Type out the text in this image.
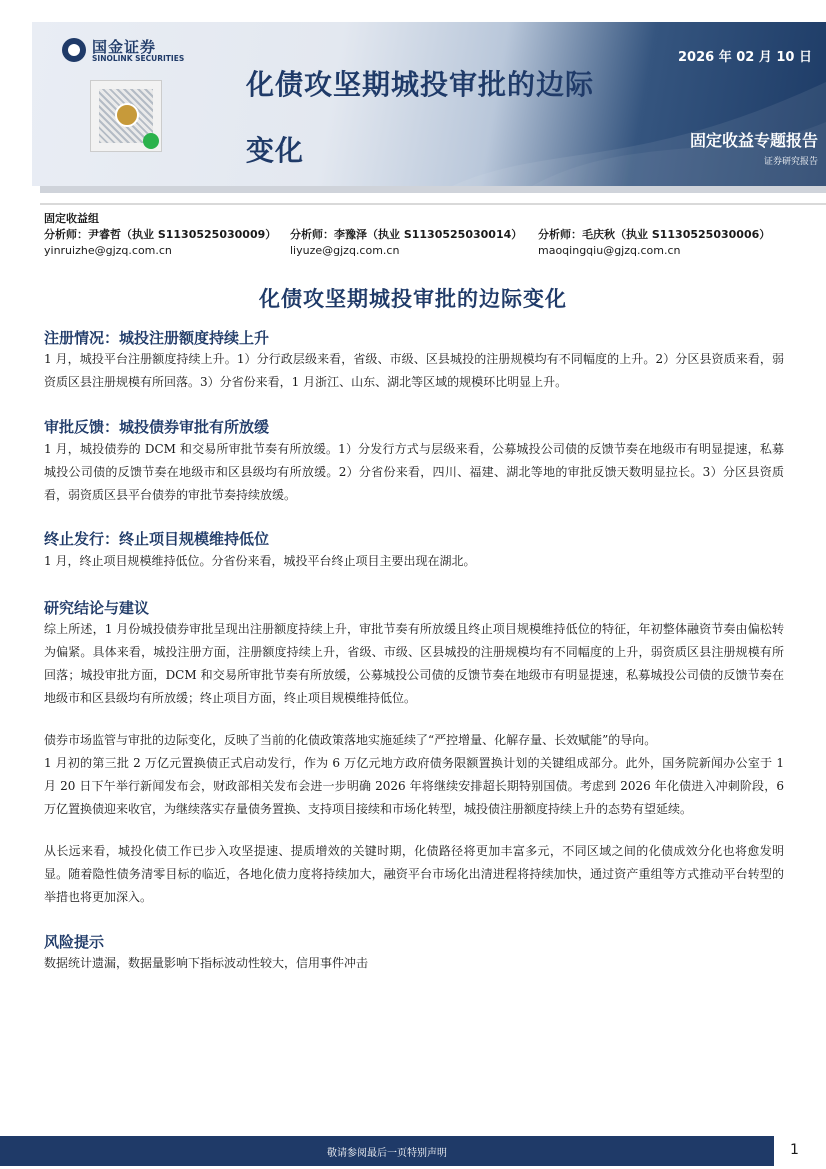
国金证券
SINOLINK SECURITIES	2026 年 02 月 10 日
化债攻坚期城投审批的边际变化	固定收益专题报告
证券研究报告
固定收益组
分析师：尹睿哲（执业 S1130525030009）
yinruizhe@gjzq.com.cn
分析师：李豫泽（执业 S1130525030014）
liyuze@gjzq.com.cn
分析师：毛庆秋（执业 S1130525030006）
maoqingqiu@gjzq.com.cn
化债攻坚期城投审批的边际变化
注册情况：城投注册额度持续上升
1 月，城投平台注册额度持续上升。1）分行政层级来看，省级、市级、区县城投的注册规模均有不同幅度的上升。2）分区县资质来看，弱资质区县注册规模有所回落。3）分省份来看，1 月浙江、山东、湖北等区域的规模环比明显上升。
审批反馈：城投债券审批有所放缓
1 月，城投债券的 DCM 和交易所审批节奏有所放缓。1）分发行方式与层级来看，公募城投公司债的反馈节奏在地级市有明显提速，私募城投公司债的反馈节奏在地级市和区县级均有所放缓。2）分省份来看，四川、福建、湖北等地的审批反馈天数明显拉长。3）分区县资质看，弱资质区县平台债券的审批节奏持续放缓。
终止发行：终止项目规模维持低位
1 月，终止项目规模维持低位。分省份来看，城投平台终止项目主要出现在湖北。
研究结论与建议
综上所述，1 月份城投债券审批呈现出注册额度持续上升，审批节奏有所放缓且终止项目规模维持低位的特征，年初整体融资节奏由偏松转为偏紧。具体来看，城投注册方面，注册额度持续上升，省级、市级、区县城投的注册规模均有不同幅度的上升，弱资质区县注册规模有所回落；城投审批方面，DCM 和交易所审批节奏有所放缓，公募城投公司债的反馈节奏在地级市有明显提速，私募城投公司债的反馈节奏在地级市和区县级均有所放缓；终止项目方面，终止项目规模维持低位。
债券市场监管与审批的边际变化，反映了当前的化债政策落地实施延续了“严控增量、化解存量、长效赋能”的导向。
1 月初的第三批 2 万亿元置换债正式启动发行，作为 6 万亿元地方政府债务限额置换计划的关键组成部分。此外，国务院新闻办公室于 1 月 20 日下午举行新闻发布会，财政部相关发布会进一步明确 2026 年将继续安排超长期特别国债。考虑到 2026 年化债进入冲刺阶段，6 万亿置换债迎来收官，为继续落实存量债务置换、支持项目接续和市场化转型，城投债注册额度持续上升的态势有望延续。
从长远来看，城投化债工作已步入攻坚提速、提质增效的关键时期，化债路径将更加丰富多元，不同区域之间的化债成效分化也将愈发明显。随着隐性债务清零目标的临近，各地化债力度将持续加大，融资平台市场化出清进程将持续加快，通过资产重组等方式推动平台转型的举措也将更加深入。
风险提示
数据统计遗漏，数据量影响下指标波动性较大，信用事件冲击
敬请参阅最后一页特别声明	1
